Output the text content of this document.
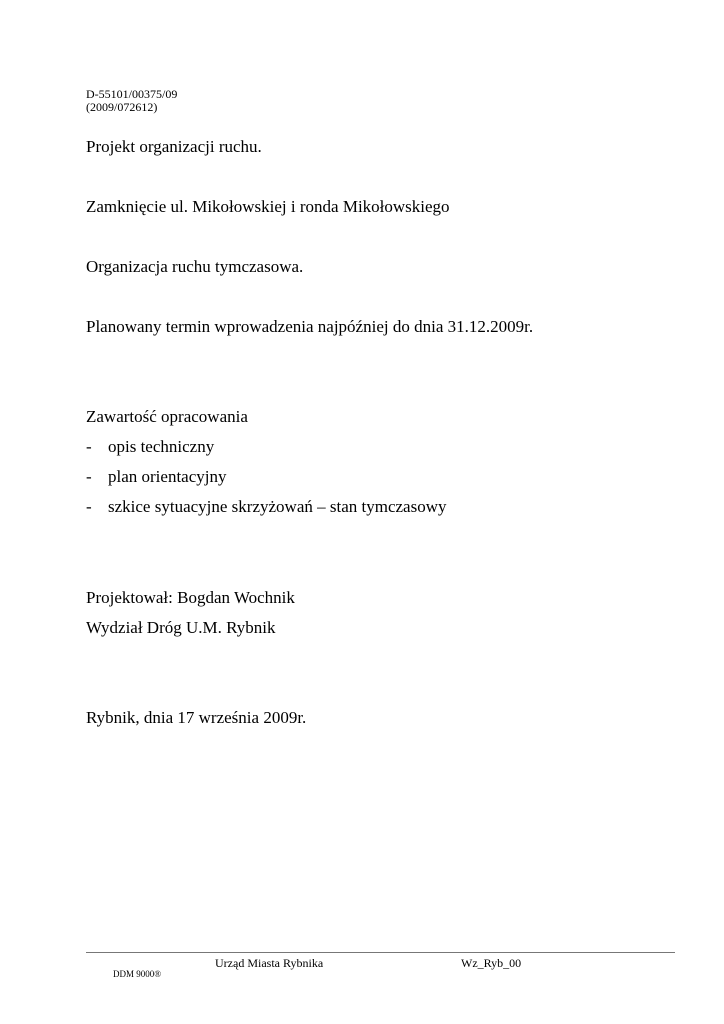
D-55101/00375/09
(2009/072612)
Projekt organizacji ruchu.
Zamknięcie ul. Mikołowskiej i ronda Mikołowskiego
Organizacja ruchu tymczasowa.
Planowany termin wprowadzenia najpóźniej do dnia 31.12.2009r.
Zawartość opracowania
- opis techniczny
- plan orientacyjny
- szkice sytuacyjne skrzyżowań – stan tymczasowy
Projektował: Bogdan Wochnik
Wydział Dróg U.M. Rybnik
Rybnik, dnia 17 września 2009r.
Urząd Miasta Rybnika	Wz_Ryb_00
DDM 9000®
